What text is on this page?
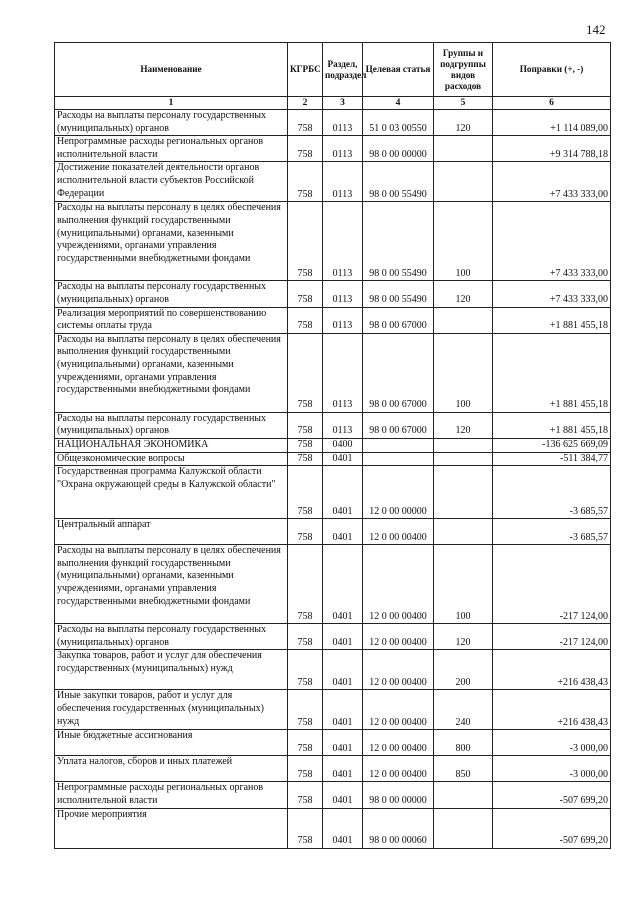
142
Наименование	КГРБС	Раздел, подраздел	Целевая статья	Группы и подгруппы видов расходов	Поправки (+, -)
1	2	3	4	5	6
Расходы на выплаты персоналу государственных (муниципальных) органов	758	0113	51 0 03 00550	120	+1 114 089,00
Непрограммные расходы региональных органов исполнительной власти	758	0113	98 0 00 00000		+9 314 788,18
Достижение показателей деятельности органов исполнительной власти субъектов Российской Федерации	758	0113	98 0 00 55490		+7 433 333,00
Расходы на выплаты персоналу в целях обеспечения выполнения функций государственными (муниципальными) органами, казенными учреждениями, органами управления государственными внебюджетными фондами	758	0113	98 0 00 55490	100	+7 433 333,00
Расходы на выплаты персоналу государственных (муниципальных) органов	758	0113	98 0 00 55490	120	+7 433 333,00
Реализация мероприятий по совершенствованию системы оплаты труда	758	0113	98 0 00 67000		+1 881 455,18
Расходы на выплаты персоналу в целях обеспечения выполнения функций государственными (муниципальными) органами, казенными учреждениями, органами управления государственными внебюджетными фондами	758	0113	98 0 00 67000	100	+1 881 455,18
Расходы на выплаты персоналу государственных (муниципальных) органов	758	0113	98 0 00 67000	120	+1 881 455,18
НАЦИОНАЛЬНАЯ ЭКОНОМИКА	758	0400			-136 625 669,09
Общеэкономические вопросы	758	0401			-511 384,77
Государственная программа Калужской области "Охрана окружающей среды в Калужской области"	758	0401	12 0 00 00000		-3 685,57
Центральный аппарат	758	0401	12 0 00 00400		-3 685,57
Расходы на выплаты персоналу в целях обеспечения выполнения функций государственными (муниципальными) органами, казенными учреждениями, органами управления государственными внебюджетными фондами	758	0401	12 0 00 00400	100	-217 124,00
Расходы на выплаты персоналу государственных (муниципальных) органов	758	0401	12 0 00 00400	120	-217 124,00
Закупка товаров, работ и услуг для обеспечения государственных (муниципальных) нужд	758	0401	12 0 00 00400	200	+216 438,43
Иные закупки товаров, работ и услуг для обеспечения государственных (муниципальных) нужд	758	0401	12 0 00 00400	240	+216 438,43
Иные бюджетные ассигнования	758	0401	12 0 00 00400	800	-3 000,00
Уплата налогов, сборов и иных платежей	758	0401	12 0 00 00400	850	-3 000,00
Непрограммные расходы региональных органов исполнительной власти	758	0401	98 0 00 00000		-507 699,20
Прочие мероприятия	758	0401	98 0 00 00060		-507 699,20
